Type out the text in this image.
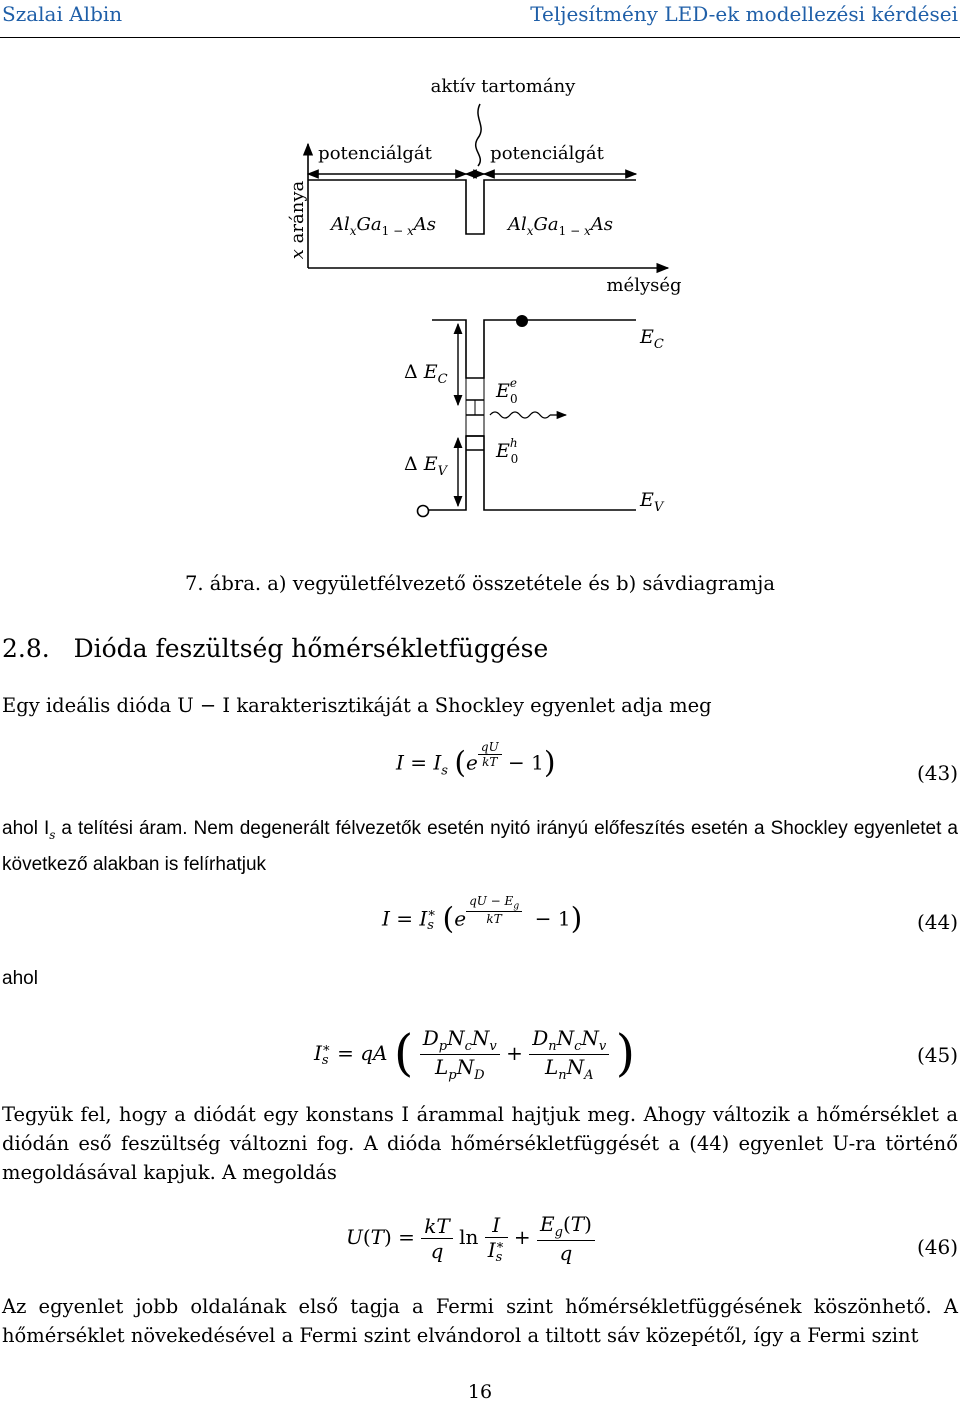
Szalai Albin	Teljesítmény LED-ek modellezési kérdései
aktív tartomány
potenciálgát	potenciálgát
x aránya
mélység
$Al_xGa_{1 - x}As$	$Al_xGa_{1 - x}As$
$E_C$
Δ $E_C$
$E^e$ 0
$E_V$
Δ $E_V$
$E^h$ 0
7. ábra. a) vegyületfélvezető összetétele és b) sávdiagramja
2.8. Dióda feszültség hőmérsékletfüggése
Egy ideális dióda U − I karakterisztikáját a Shockley egyenlet adja meg
$I = I_s$ (e $^{\frac{qU}{kT}}$ − 1)	(43)
ahol $I_s$ a telítési áram. Nem degenerált félvezetők esetén nyitó irányú előfeszítés esetén a Shockley egyenletet a következő alakban is felírhatjuk
I = I∗
s (e $^{\frac{qU - E_g}{kT}}$ − 1)	(44)
ahol
I∗
s = qA ( $\frac{D_pN_cN_v}{L_pN_D} + \frac{D_nN_cN_v}{L_nN_A}$ )	(45)
Tegyük fel, hogy a diódát egy konstans I árammal hajtjuk meg. Ahogy változik a hőmérséklet a diódán eső feszültség változni fog. A dióda hőmérsékletfüggését a (44) egyenlet U-ra történő megoldásával kapjuk. A megoldás
$U(T) = \frac{kT}{q}$ ln I
I∗
s
+ $\frac{E_g(T)}{q}$	(46)
Az egyenlet jobb oldalának első tagja a Fermi szint hőmérsékletfüggésének köszönhető. A hőmérséklet növekedésével a Fermi szint elvándorol a tiltott sáv közepétől, így a Fermi szint
16
